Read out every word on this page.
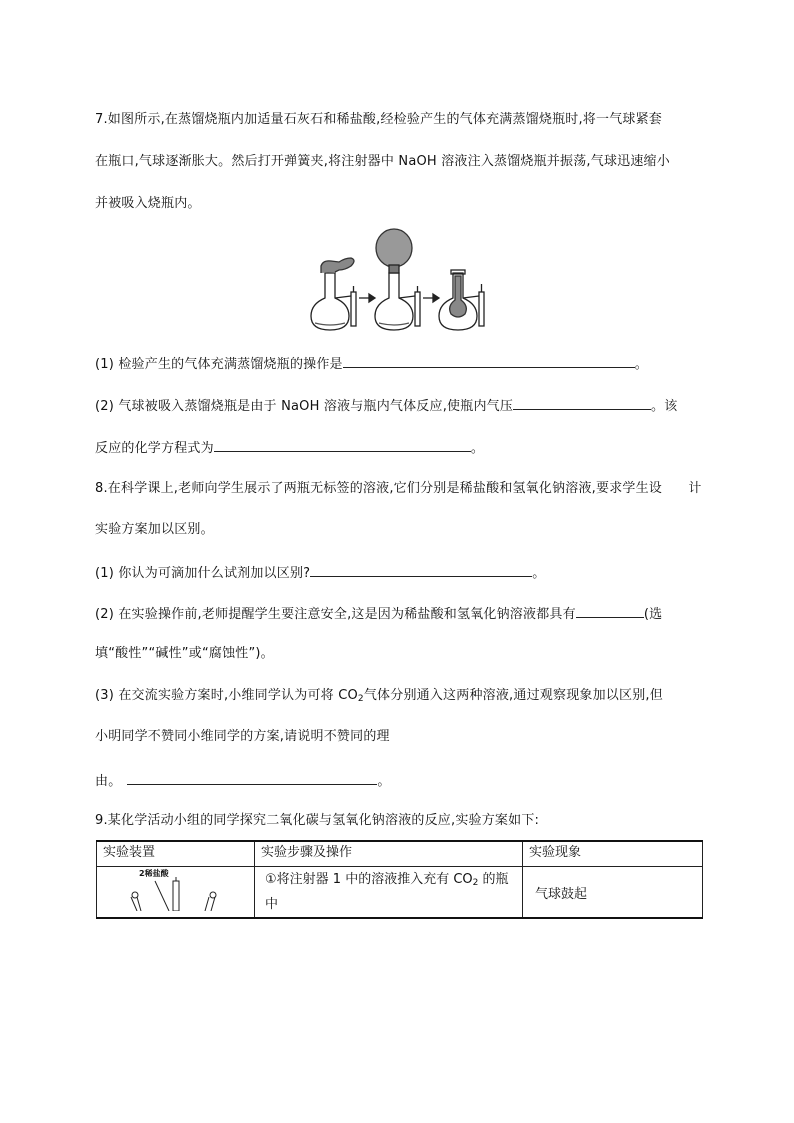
7.如图所示,在蒸馏烧瓶内加适量石灰石和稀盐酸,经检验产生的气体充满蒸馏烧瓶时,将一气球紧套
在瓶口,气球逐渐胀大。然后打开弹簧夹,将注射器中 NaOH 溶液注入蒸馏烧瓶并振荡,气球迅速缩小
并被吸入烧瓶内。
(1) 检验产生的气体充满蒸馏烧瓶的操作是	。
(2) 气球被吸入蒸馏烧瓶是由于 NaOH 溶液与瓶内气体反应,使瓶内气压	。该
反应的化学方程式为	。
8.在科学课上,老师向学生展示了两瓶无标签的溶液,它们分别是稀盐酸和氢氧化钠溶液,要求学生设　　计
实验方案加以区别。
(1) 你认为可滴加什么试剂加以区别?	。
(2) 在实验操作前,老师提醒学生要注意安全,这是因为稀盐酸和氢氧化钠溶液都具有	(选
填“酸性”“碱性”或“腐蚀性”)。
(3) 在交流实验方案时,小维同学认为可将 $CO_2$气体分别通入这两种溶液,通过观察现象加以区别,但
小明同学不赞同小维同学的方案,请说明不赞同的理
由。	。
9.某化学活动小组的同学探究二氧化碳与氢氧化钠溶液的反应,实验方案如下:
实验装置	实验步骤及操作	实验现象

2稀盐酸	①将注射器 1 中的溶液推入充有 $CO_2$ 的瓶
中	气球鼓起
